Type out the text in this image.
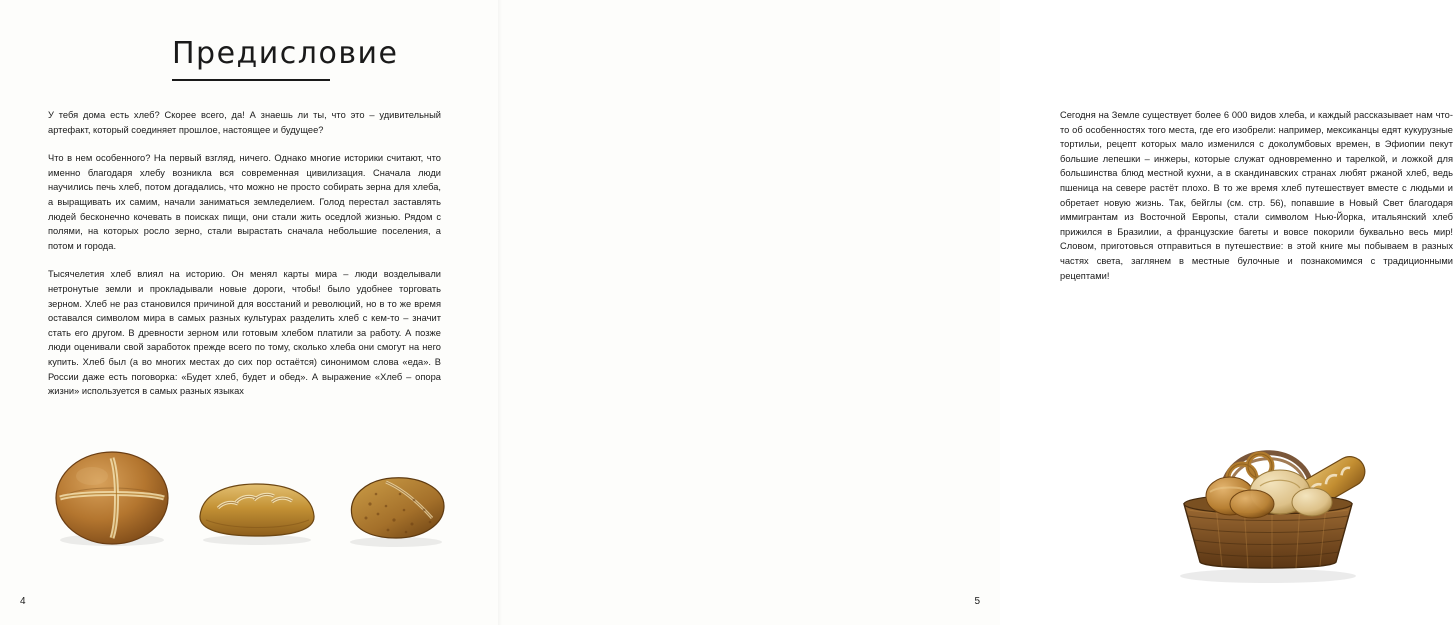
Предисловие

У тебя дома есть хлеб? Скорее всего, да! А знаешь ли ты, что это – удивительный артефакт, который соединяет прошлое, настоящее и будущее?

Что в нем особенного? На первый взгляд, ничего. Однако многие историки считают, что именно благодаря хлебу возникла вся современная цивилизация. Сначала люди научились печь хлеб, потом догадались, что можно не просто собирать зерна для хлеба, а выращивать их самим, начали заниматься земледелием. Голод перестал заставлять людей бесконечно кочевать в поисках пищи, они стали жить оседлой жизнью. Рядом с полями, на которых росло зерно, стали вырастать сначала небольшие поселения, а потом и города.

Тысячелетия хлеб влиял на историю. Он менял карты мира – люди возделывали нетронутые земли и прокладывали новые дороги, чтобы! было удобнее торговать зерном. Хлеб не раз становился причиной для восстаний и революций, но в то же время оставался символом мира в самых разных культурах разделить хлеб с кем-то – значит стать его другом. В древности зерном или готовым хлебом платили за работу. А позже люди оценивали свой заработок прежде всего по тому, сколько хлеба они смогут на него купить. Хлеб был (а во многих местах до сих пор остаётся) синонимом слова «еда». В России даже есть поговорка: «Будет хлеб, будет и обед». А выражение «Хлеб – опора жизни» используется в самых разных языках

4

Сегодня на Земле существует более 6 000 видов хлеба, и каждый рассказывает нам что-то об особенностях того места, где его изобрели: например, мексиканцы едят кукурузные тортильи, рецепт которых мало изменился с доколумбовых времен, в Эфиопии пекут большие лепешки – инжеры, которые служат одновременно и тарелкой, и ложкой для большинства блюд местной кухни, а в скандинавских странах любят ржаной хлеб, ведь пшеница на севере растёт плохо. В то же время хлеб путешествует вместе с людьми и обретает новую жизнь. Так, бейглы (см. стр. 56), попавшие в Новый Свет благодаря иммигрантам из Восточной Европы, стали символом Нью-Йорка, итальянский хлеб прижился в Бразилии, а французские багеты и вовсе покорили буквально весь мир! Словом, приготовься отправиться в путешествие: в этой книге мы побываем в разных частях света, заглянем в местные булочные и познакомимся с традиционными рецептами!

5
